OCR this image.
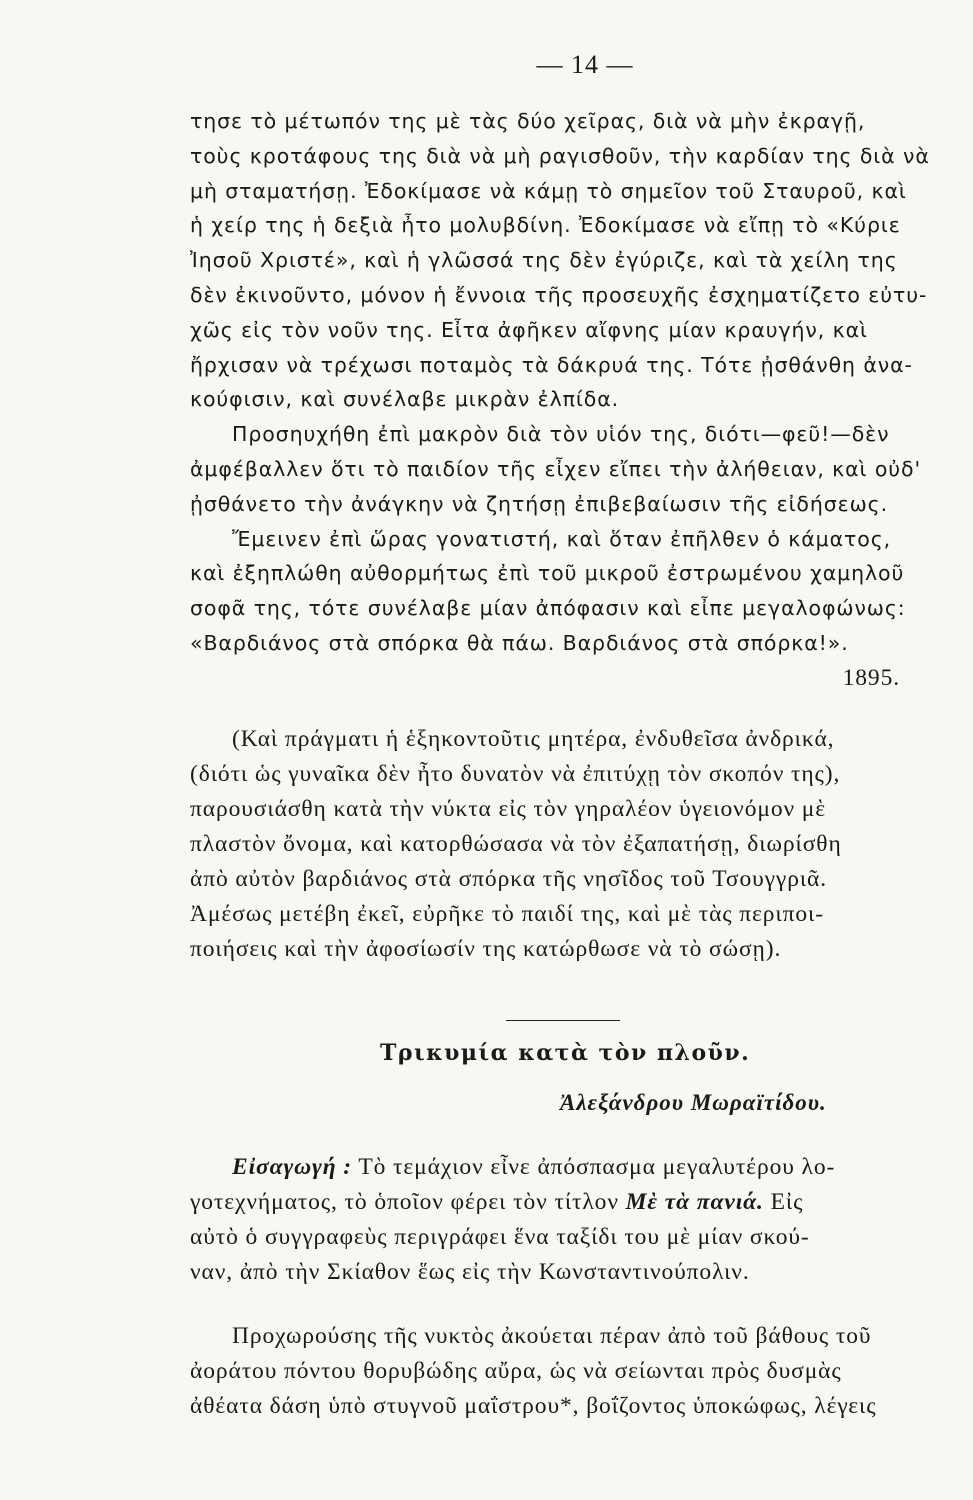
— 14 —

τησε τὸ μέτωπόν της μὲ τὰς δύο χεῖρας, διὰ νὰ μὴν ἐκραγῇ,
τοὺς κροτάφους της διὰ νὰ μὴ ραγισθοῦν, τὴν καρδίαν της διὰ νὰ
μὴ σταματήσῃ. Ἐδοκίμασε νὰ κάμῃ τὸ σημεῖον τοῦ Σταυροῦ, καὶ
ἡ χείρ της ἡ δεξιὰ ἦτο μολυβδίνη. Ἐδοκίμασε νὰ εἴπῃ τὸ «Κύριε
Ἰησοῦ Χριστέ», καὶ ἡ γλῶσσά της δὲν ἐγύριζε, καὶ τὰ χείλη της
δὲν ἐκινοῦντο, μόνον ἡ ἔννοια τῆς προσευχῆς ἐσχηματίζετο εὐτυ-
χῶς εἰς τὸν νοῦν της. Εἶτα ἀφῆκεν αἴφνης μίαν κραυγήν, καὶ
ἤρχισαν νὰ τρέχωσι ποταμὸς τὰ δάκρυά της. Τότε ᾐσθάνθη ἀνα-
κούφισιν, καὶ συνέλαβε μικρὰν ἐλπίδα.

Προσηυχήθη ἐπὶ μακρὸν διὰ τὸν υἱόν της, διότι—φεῦ!—δὲν
ἀμφέβαλλεν ὅτι τὸ παιδίον τῆς εἶχεν εἴπει τὴν ἀλήθειαν, καὶ οὐδ'
ᾐσθάνετο τὴν ἀνάγκην νὰ ζητήσῃ ἐπιβεβαίωσιν τῆς εἰδήσεως.

Ἔμεινεν ἐπὶ ὥρας γονατιστή, καὶ ὅταν ἐπῆλθεν ὁ κάματος,
καὶ ἐξηπλώθη αὐθορμήτως ἐπὶ τοῦ μικροῦ ἐστρωμένου χαμηλοῦ
σοφᾶ της, τότε συνέλαβε μίαν ἀπόφασιν καὶ εἶπε μεγαλοφώνως:
«Βαρδιάνος στὰ σπόρκα θὰ πάω. Βαρδιάνος στὰ σπόρκα!».

1895.

(Καὶ πράγματι ἡ ἑξηκοντοῦτις μητέρα, ἐνδυθεῖσα ἀνδρικά,
(διότι ὡς γυναῖκα δὲν ἦτο δυνατὸν νὰ ἐπιτύχῃ τὸν σκοπόν της),
παρουσιάσθη κατὰ τὴν νύκτα εἰς τὸν γηραλέον ὑγειονόμον μὲ
πλαστὸν ὄνομα, καὶ κατορθώσασα νὰ τὸν ἐξαπατήσῃ, διωρίσθη
ἀπὸ αὐτὸν βαρδιάνος στὰ σπόρκα τῆς νησῖδος τοῦ Τσουγγριᾶ.
Ἀμέσως μετέβη ἐκεῖ, εὐρῆκε τὸ παιδί της, καὶ μὲ τὰς περιποι-
ποιήσεις καὶ τὴν ἀφοσίωσίν της κατώρθωσε νὰ τὸ σώσῃ).

Τρικυμία κατὰ τὸν πλοῦν.
Ἀλεξάνδρου Μωραϊτίδου.

Εἰσαγωγή : Τὸ τεμάχιον εἶνε ἀπόσπασμα μεγαλυτέρου λο-
γοτεχνήματος, τὸ ὁποῖον φέρει τὸν τίτλον Μὲ τὰ πανιά. Εἰς
αὐτὸ ὁ συγγραφεὺς περιγράφει ἕνα ταξίδι του μὲ μίαν σκού-
ναν, ἀπὸ τὴν Σκίαθον ἕως εἰς τὴν Κωνσταντινούπολιν.

Προχωρούσης τῆς νυκτὸς ἀκούεται πέραν ἀπὸ τοῦ βάθους τοῦ
ἀοράτου πόντου θορυβώδης αὔρα, ὡς νὰ σείωνται πρὸς δυσμὰς
ἀθέατα δάση ὑπὸ στυγνοῦ μαΐστρου*, βοΐζοντος ὑποκώφως, λέγεις
